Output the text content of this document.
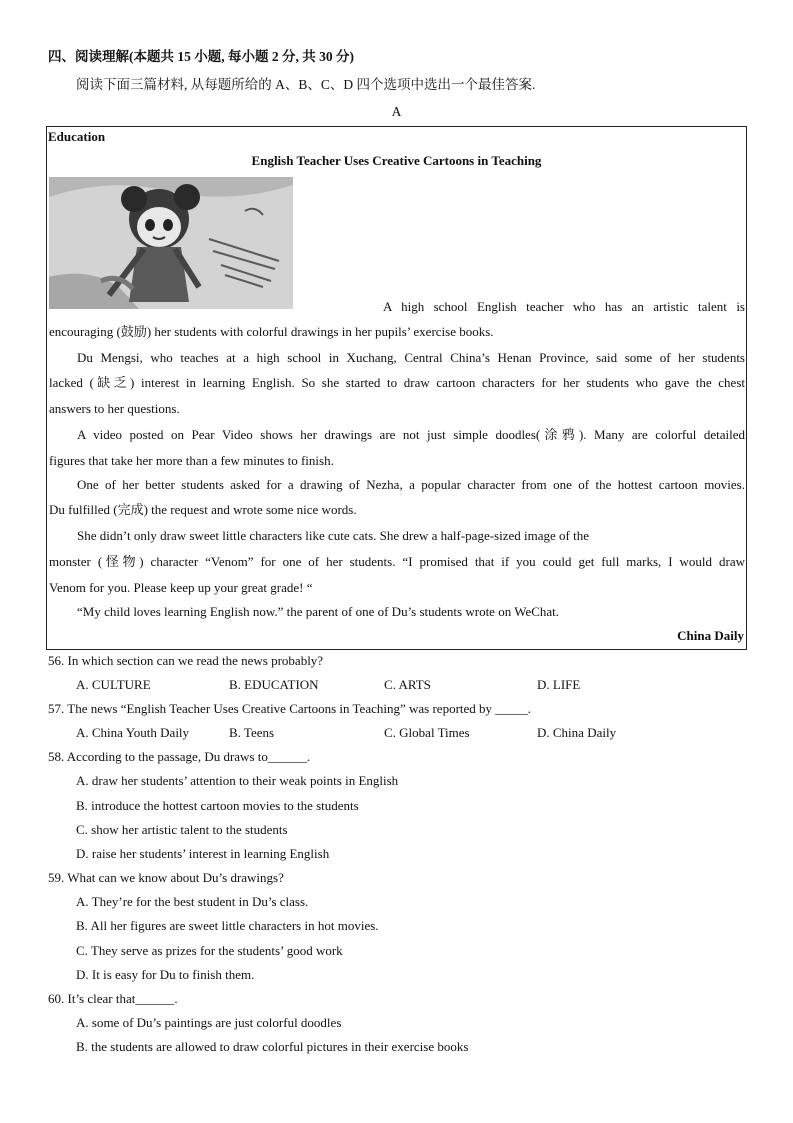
四、阅读理解(本题共 15 小题, 每小题 2 分, 共 30 分)
阅读下面三篇材料, 从每题所给的 A、B、C、D 四个选项中选出一个最佳答案.
A
Education
English Teacher Uses Creative Cartoons in Teaching
A high school English teacher who has an artistic talent is
encouraging (鼓励) her students with colorful drawings in her pupils’ exercise books.
Du Mengsi, who teaches at a high school in Xuchang, Central China’s Henan Province, said some of her students
lacked (缺乏) interest in learning English. So she started to draw cartoon characters for her students who gave the chest
answers to her questions.
A video posted on Pear Video shows her drawings are not just simple doodles(涂鸦). Many are colorful detailed
figures that take her more than a few minutes to finish.
One of her better students asked for a drawing of Nezha, a popular character from one of the hottest cartoon movies.
Du fulfilled (完成) the request and wrote some nice words.
She didn’t only draw sweet little characters like cute cats. She drew a half-page-sized image of the
monster (怪物) character “Venom” for one of her students. “I promised that if you could get full marks, I would draw
Venom for you. Please keep up your great grade! “
“My child loves learning English now.” the parent of one of Du’s students wrote on WeChat.
China Daily
56. In which section can we read the news probably?
A. CULTURE	B. EDUCATION	C. ARTS	D. LIFE
57. The news “English Teacher Uses Creative Cartoons in Teaching” was reported by _____.
A. China Youth Daily	B. Teens	C. Global Times	D. China Daily
58. According to the passage, Du draws to______.
A. draw her students’ attention to their weak points in English
B. introduce the hottest cartoon movies to the students
C. show her artistic talent to the students
D. raise her students’ interest in learning English
59. What can we know about Du’s drawings?
A. They’re for the best student in Du’s class.
B. All her figures are sweet little characters in hot movies.
C. They serve as prizes for the students’ good work
D. It is easy for Du to finish them.
60. It’s clear that______.
A. some of Du’s paintings are just colorful doodles
B. the students are allowed to draw colorful pictures in their exercise books
